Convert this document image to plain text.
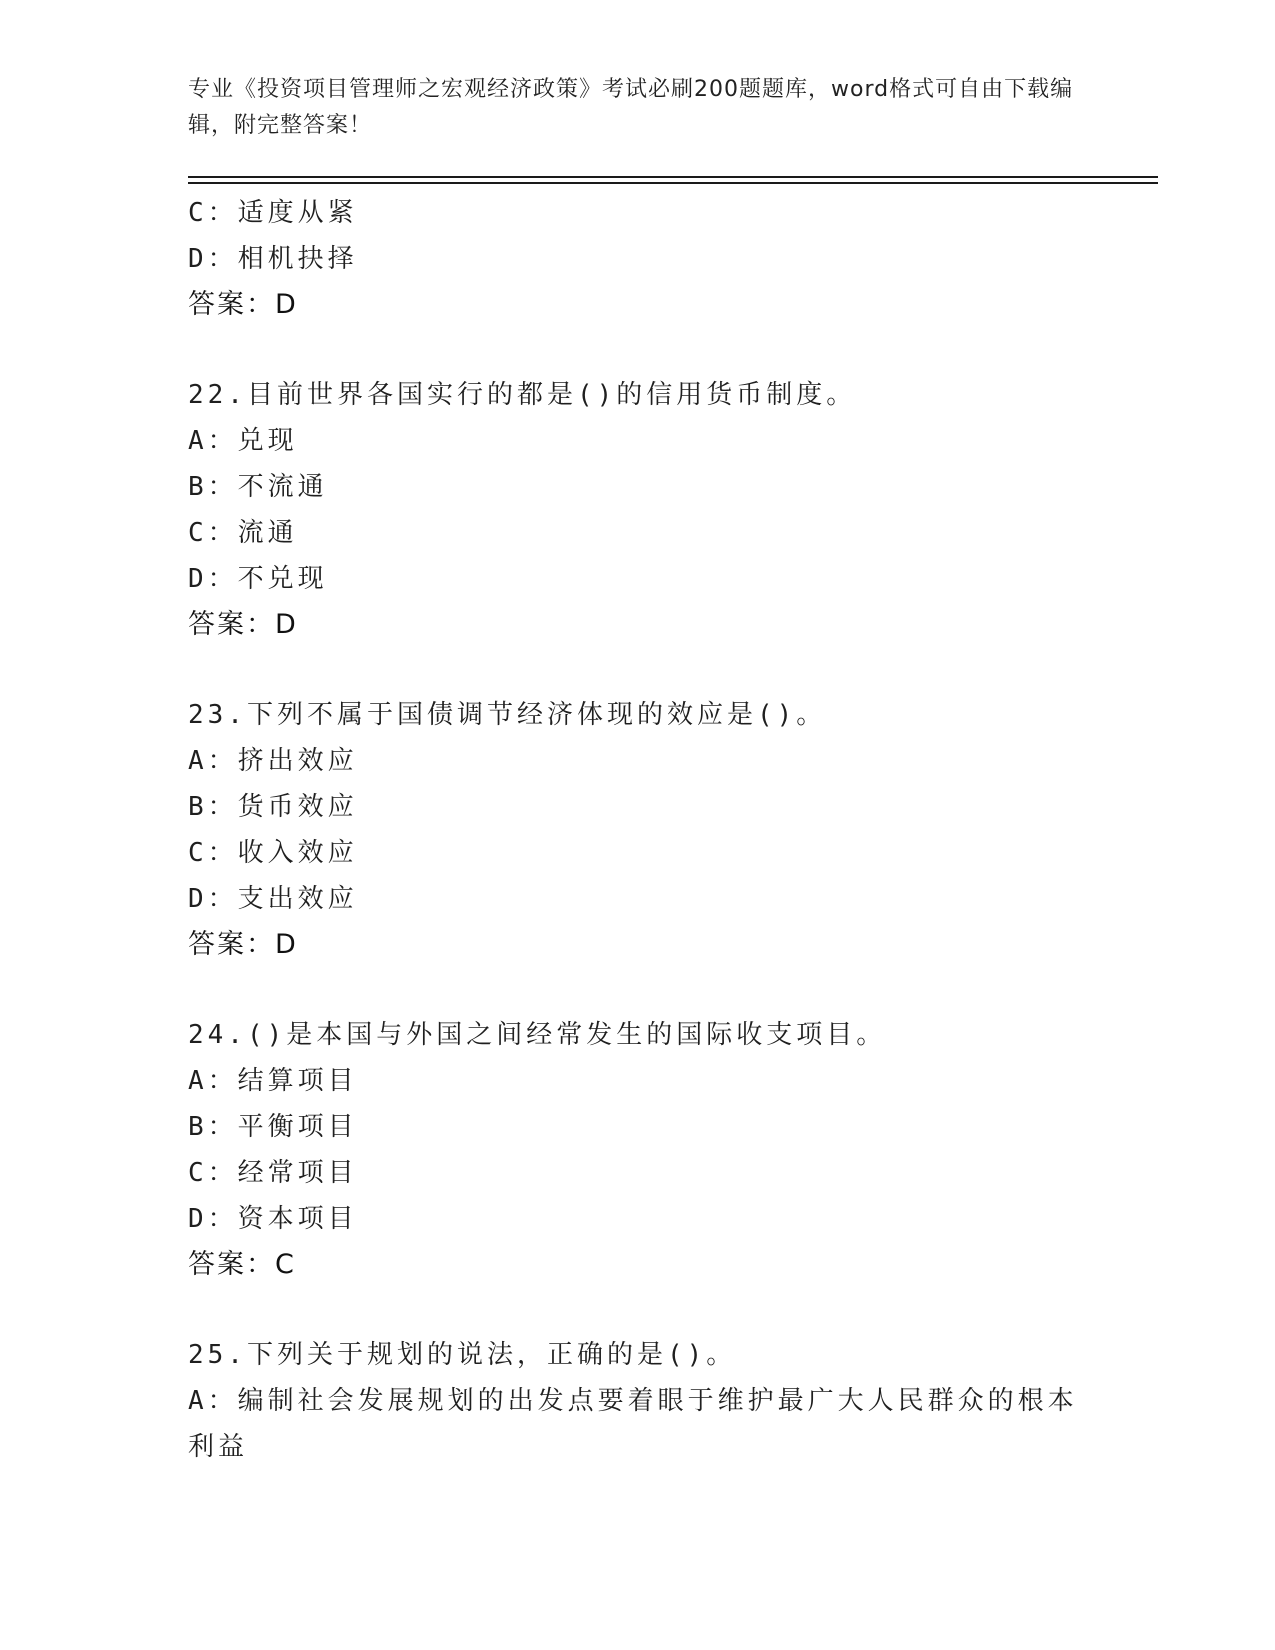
专业《投资项目管理师之宏观经济政策》考试必刷200题题库，word格式可自由下载编辑，附完整答案！
C：适度从紧
D：相机抉择
答案：D
22.目前世界各国实行的都是()的信用货币制度。
A：兑现
B：不流通
C：流通
D：不兑现
答案：D
23.下列不属于国债调节经济体现的效应是()。
A：挤出效应
B：货币效应
C：收入效应
D：支出效应
答案：D
24.()是本国与外国之间经常发生的国际收支项目。
A：结算项目
B：平衡项目
C：经常项目
D：资本项目
答案：C
25.下列关于规划的说法，正确的是()。
A：编制社会发展规划的出发点要着眼于维护最广大人民群众的根本利益
